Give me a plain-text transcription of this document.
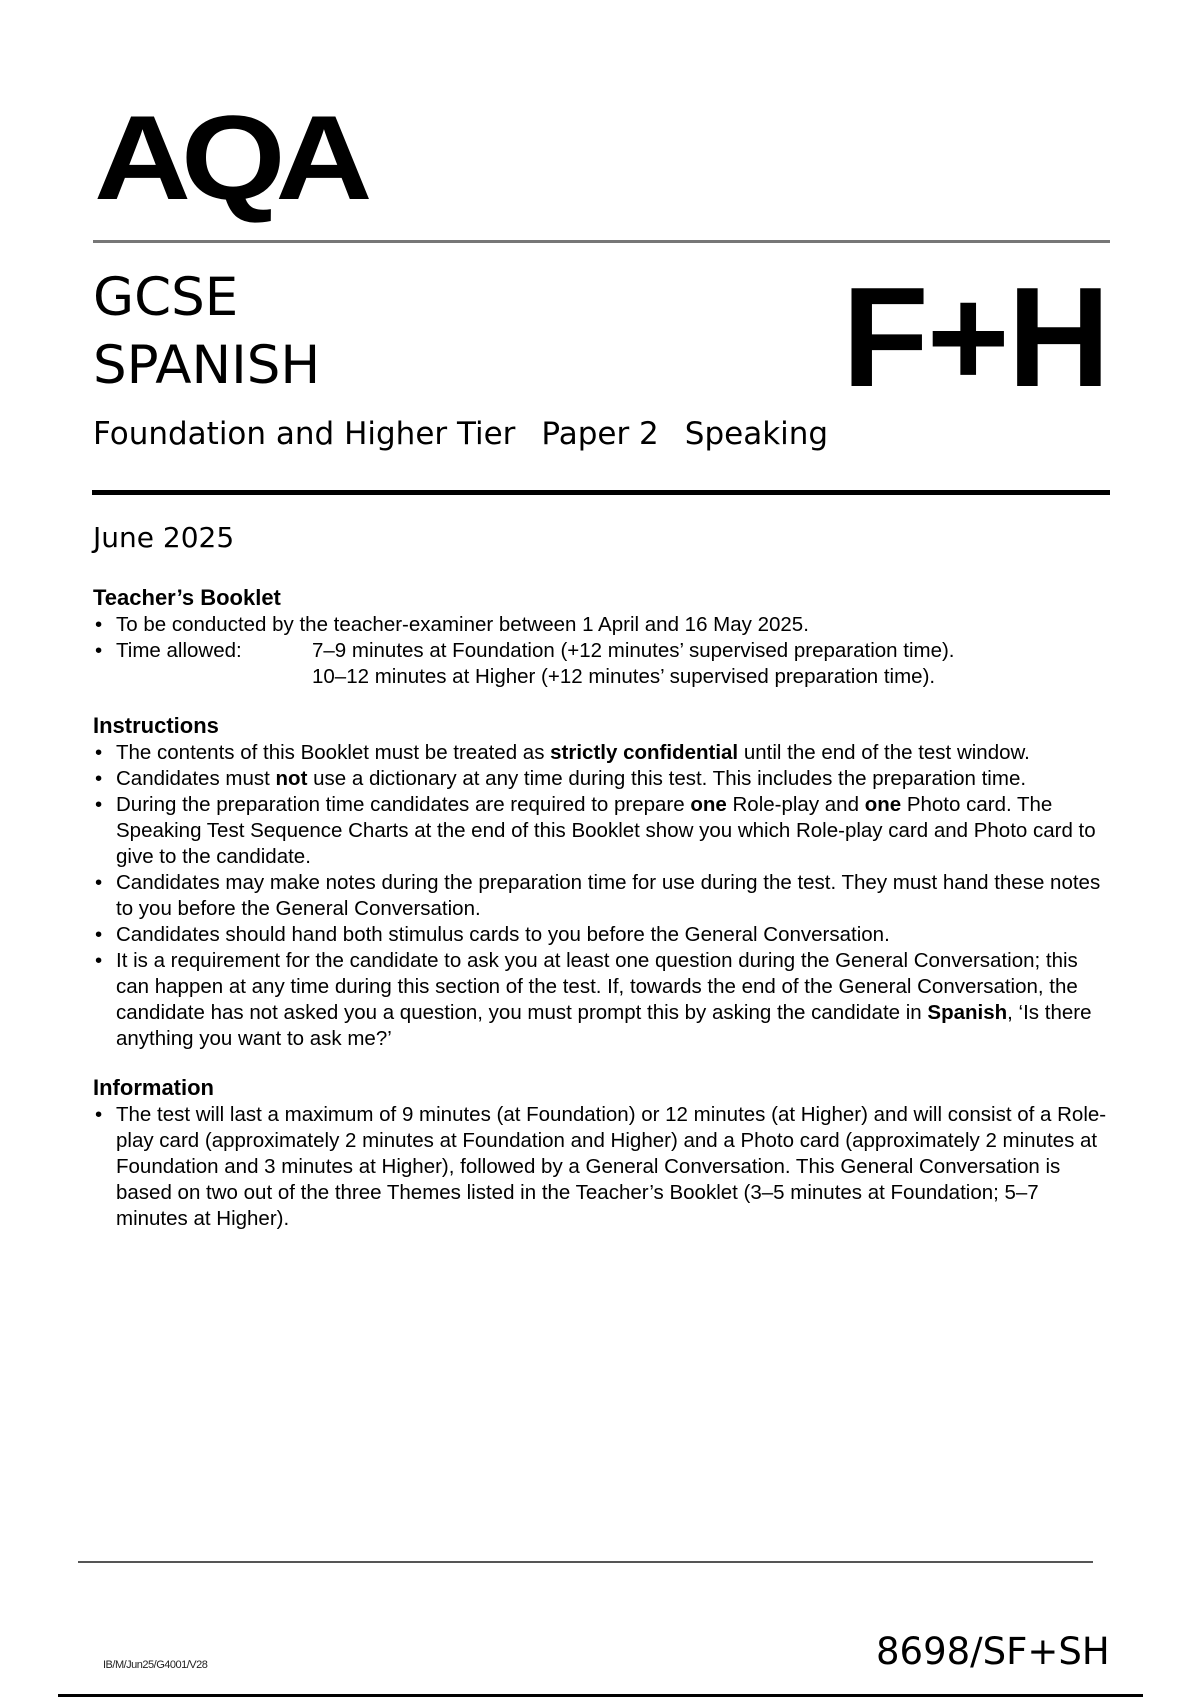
AQA
GCSE
SPANISH
Foundation and Higher Tier Paper 2 Speaking
F+H
June 2025
Teacher’s Booklet
• To be conducted by the teacher-examiner between 1 April and 16 May 2025.
• Time allowed:	7–9 minutes at Foundation (+12 minutes’ supervised preparation time).
10–12 minutes at Higher (+12 minutes’ supervised preparation time).
Instructions
• The contents of this Booklet must be treated as strictly confidential until the end of the test window.
• Candidates must not use a dictionary at any time during this test. This includes the preparation time.
• During the preparation time candidates are required to prepare one Role-play and one Photo card. The Speaking Test Sequence Charts at the end of this Booklet show you which Role-play card and Photo card to give to the candidate.
• Candidates may make notes during the preparation time for use during the test. They must hand these notes to you before the General Conversation.
• Candidates should hand both stimulus cards to you before the General Conversation.
• It is a requirement for the candidate to ask you at least one question during the General Conversation; this can happen at any time during this section of the test. If, towards the end of the General Conversation, the candidate has not asked you a question, you must prompt this by asking the candidate in Spanish, ‘Is there anything you want to ask me?’
Information
• The test will last a maximum of 9 minutes (at Foundation) or 12 minutes (at Higher) and will consist of a Role-play card (approximately 2 minutes at Foundation and Higher) and a Photo card (approximately 2 minutes at Foundation and 3 minutes at Higher), followed by a General Conversation. This General Conversation is based on two out of the three Themes listed in the Teacher’s Booklet (3–5 minutes at Foundation; 5–7 minutes at Higher).
IB/M/Jun25/G4001/V28	8698/SF+SH
